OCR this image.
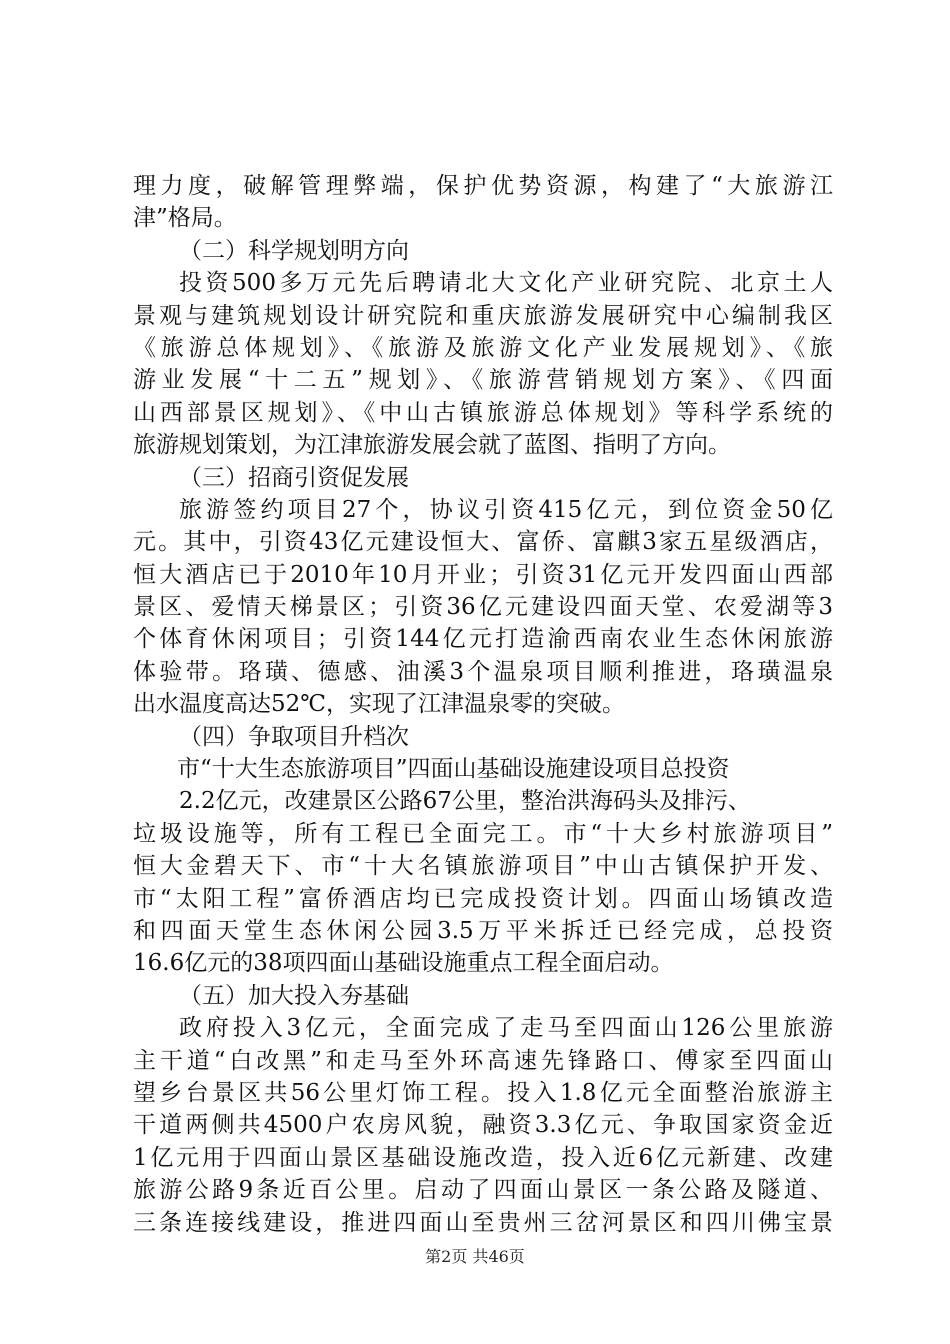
理力度，破解管理弊端，保护优势资源，构建了“大旅游江
津”格局。
（二）科学规划明方向
投资500多万元先后聘请北大文化产业研究院、北京土人
景观与建筑规划设计研究院和重庆旅游发展研究中心编制我区
《旅游总体规划》、《旅游及旅游文化产业发展规划》、《旅
游业发展“十二五”规划》、《旅游营销规划方案》、《四面
山西部景区规划》、《中山古镇旅游总体规划》等科学系统的
旅游规划策划，为江津旅游发展会就了蓝图、指明了方向。
（三）招商引资促发展
旅游签约项目27个，协议引资415亿元，到位资金50亿
元。其中，引资43亿元建设恒大、富侨、富麒3家五星级酒店，
恒大酒店已于2010年10月开业；引资31亿元开发四面山西部
景区、爱情天梯景区；引资36亿元建设四面天堂、农爱湖等3
个体育休闲项目；引资144亿元打造渝西南农业生态休闲旅游
体验带。珞璜、德感、油溪3个温泉项目顺利推进，珞璜温泉
出水温度高达52℃，实现了江津温泉零的突破。
（四）争取项目升档次
市“十大生态旅游项目”四面山基础设施建设项目总投资
2.2亿元，改建景区公路67公里，整治洪海码头及排污、
垃圾设施等，所有工程已全面完工。市“十大乡村旅游项目”
恒大金碧天下、市“十大名镇旅游项目”中山古镇保护开发、
市“太阳工程”富侨酒店均已完成投资计划。四面山场镇改造
和四面天堂生态休闲公园3.5万平米拆迁已经完成，总投资
16.6亿元的38项四面山基础设施重点工程全面启动。
（五）加大投入夯基础
政府投入3亿元，全面完成了走马至四面山126公里旅游
主干道“白改黑”和走马至外环高速先锋路口、傅家至四面山
望乡台景区共56公里灯饰工程。投入1.8亿元全面整治旅游主
干道两侧共4500户农房风貌，融资3.3亿元、争取国家资金近
1亿元用于四面山景区基础设施改造，投入近6亿元新建、改建
旅游公路9条近百公里。启动了四面山景区一条公路及隧道、
三条连接线建设，推进四面山至贵州三岔河景区和四川佛宝景
第2页 共46页
